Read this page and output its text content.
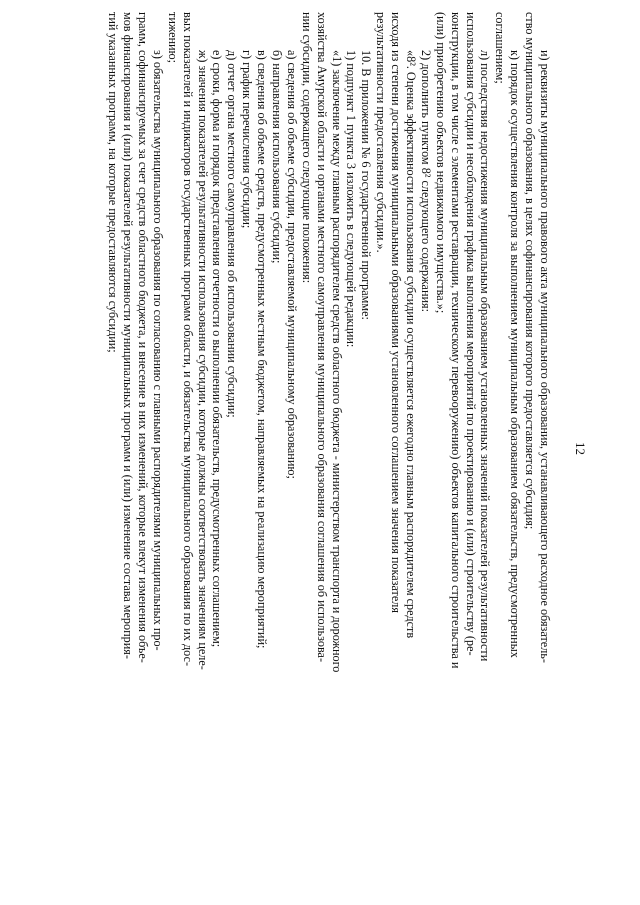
12
и) реквизиты муниципального правового акта муниципального образования, устанавливающего расходное обязатель-
ство муниципального образования, в целях софинансирования которого предоставляется субсидия;
к) порядок осуществления контроля за выполнением муниципальным образованием обязательств, предусмотренных
соглашением;
л) последствия недостижения муниципальным образованием установленных значений показателей результативности
использования субсидии и несоблюдения графика выполнения мероприятий по проектированию и (или) строительству (ре-
конструкции, в том числе с элементами реставрации, техническому перевооружению) объектов капитального строительства и
(или) приобретению объектов недвижимого имущества.»;
2) дополнить пунктом 8² следующего содержания:
«8². Оценка эффективности использования субсидии осуществляется ежегодно главным распорядителем средств
исходя из степени достижения муниципальными образованиями установленного соглашением значения показателя
результативности предоставления субсидии.».
10. В приложении № 6 государственной программе:
1) подпункт 1 пункта 3 изложить в следующей редакции:
«1) заключение между главным распорядителем средств областного бюджета - министерством транспорта и дорожного
хозяйства Амурской области и органами местного самоуправления муниципального образования соглашения об использова-
нии субсидии, содержащего следующие положения:
а) сведения об объеме субсидии, предоставляемой муниципальному образованию;
б) направления использования субсидии;
в) сведения об объеме средств, предусмотренных местным бюджетом, направляемых на реализацию мероприятий;
г) график перечисления субсидии;
д) отчет органа местного самоуправления об использовании субсидии;
е) сроки, форма и порядок представления отчетности о выполнении обязательств, предусмотренных соглашением;
ж) значения показателей результативности использования субсидии, которые должны соответствовать значениям целе-
вых показателей и индикаторов государственных программ области, и обязательства муниципального образования по их дос-
тижению;
з) обязательства муниципального образования по согласованию с главными распорядителями муниципальных про-
грамм, софинансируемых за счет средств областного бюджета, и внесение в них изменений, которые влекут изменения объе-
мов финансирования и (или) показателей результативности муниципальных программ и (или) изменение состава мероприя-
тий указанных программ, на которые предоставляются субсидии;
